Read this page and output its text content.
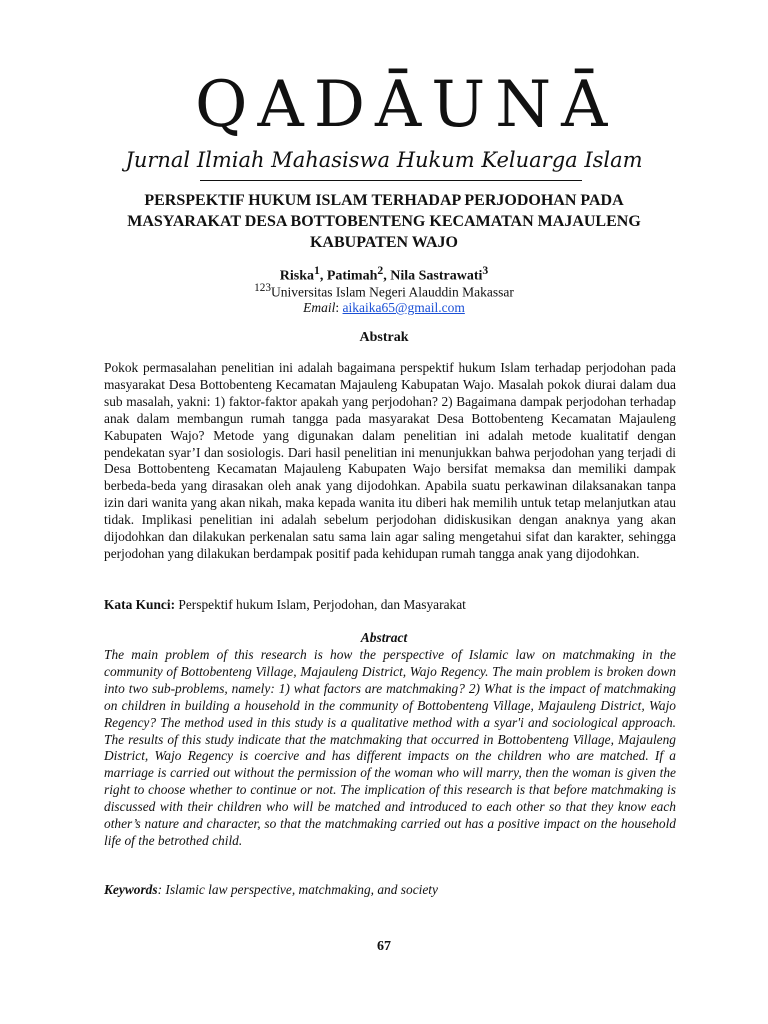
QADĀUNĀ
Jurnal Ilmiah Mahasiswa Hukum Keluarga Islam
PERSPEKTIF HUKUM ISLAM TERHADAP PERJODOHAN PADA MASYARAKAT DESA BOTTOBENTENG KECAMATAN MAJAULENG KABUPATEN WAJO
Riska$^1$, Patimah$^2$, Nila Sastrawati$^3$
$^{123}$Universitas Islam Negeri Alauddin Makassar
Email: aikaika65@gmail.com
Abstrak
Pokok permasalahan penelitian ini adalah bagaimana perspektif hukum Islam terhadap perjodohan pada masyarakat Desa Bottobenteng Kecamatan Majauleng Kabupatan Wajo. Masalah pokok diurai dalam dua sub masalah, yakni: 1) faktor-faktor apakah yang perjodohan? 2) Bagaimana dampak perjodohan terhadap anak dalam membangun rumah tangga pada masyarakat Desa Bottobenteng Kecamatan Majauleng Kabupaten Wajo? Metode yang digunakan dalam penelitian ini adalah metode kualitatif dengan pendekatan syar’I dan sosiologis. Dari hasil penelitian ini menunjukkan bahwa perjodohan yang terjadi di Desa Bottobenteng Kecamatan Majauleng Kabupaten Wajo bersifat memaksa dan memiliki dampak berbeda-beda yang dirasakan oleh anak yang dijodohkan. Apabila suatu perkawinan dilaksanakan tanpa izin dari wanita yang akan nikah, maka kepada wanita itu diberi hak memilih untuk tetap melanjutkan atau tidak. Implikasi penelitian ini adalah sebelum perjodohan didiskusikan dengan anaknya yang akan dijodohkan dan dilakukan perkenalan satu sama lain agar saling mengetahui sifat dan karakter, sehingga perjodohan yang dilakukan berdampak positif pada kehidupan rumah tangga anak yang dijodohkan.
Kata Kunci: Perspektif hukum Islam, Perjodohan, dan Masyarakat
Abstract
The main problem of this research is how the perspective of Islamic law on matchmaking in the community of Bottobenteng Village, Majauleng District, Wajo Regency. The main problem is broken down into two sub-problems, namely: 1) what factors are matchmaking? 2) What is the impact of matchmaking on children in building a household in the community of Bottobenteng Village, Majauleng District, Wajo Regency? The method used in this study is a qualitative method with a syar'i and sociological approach. The results of this study indicate that the matchmaking that occurred in Bottobenteng Village, Majauleng District, Wajo Regency is coercive and has different impacts on the children who are matched. If a marriage is carried out without the permission of the woman who will marry, then the woman is given the right to choose whether to continue or not. The implication of this research is that before matchmaking is discussed with their children who will be matched and introduced to each other so that they know each other’s nature and character, so that the matchmaking carried out has a positive impact on the household life of the betrothed child.
Keywords: Islamic law perspective, matchmaking, and society
67
